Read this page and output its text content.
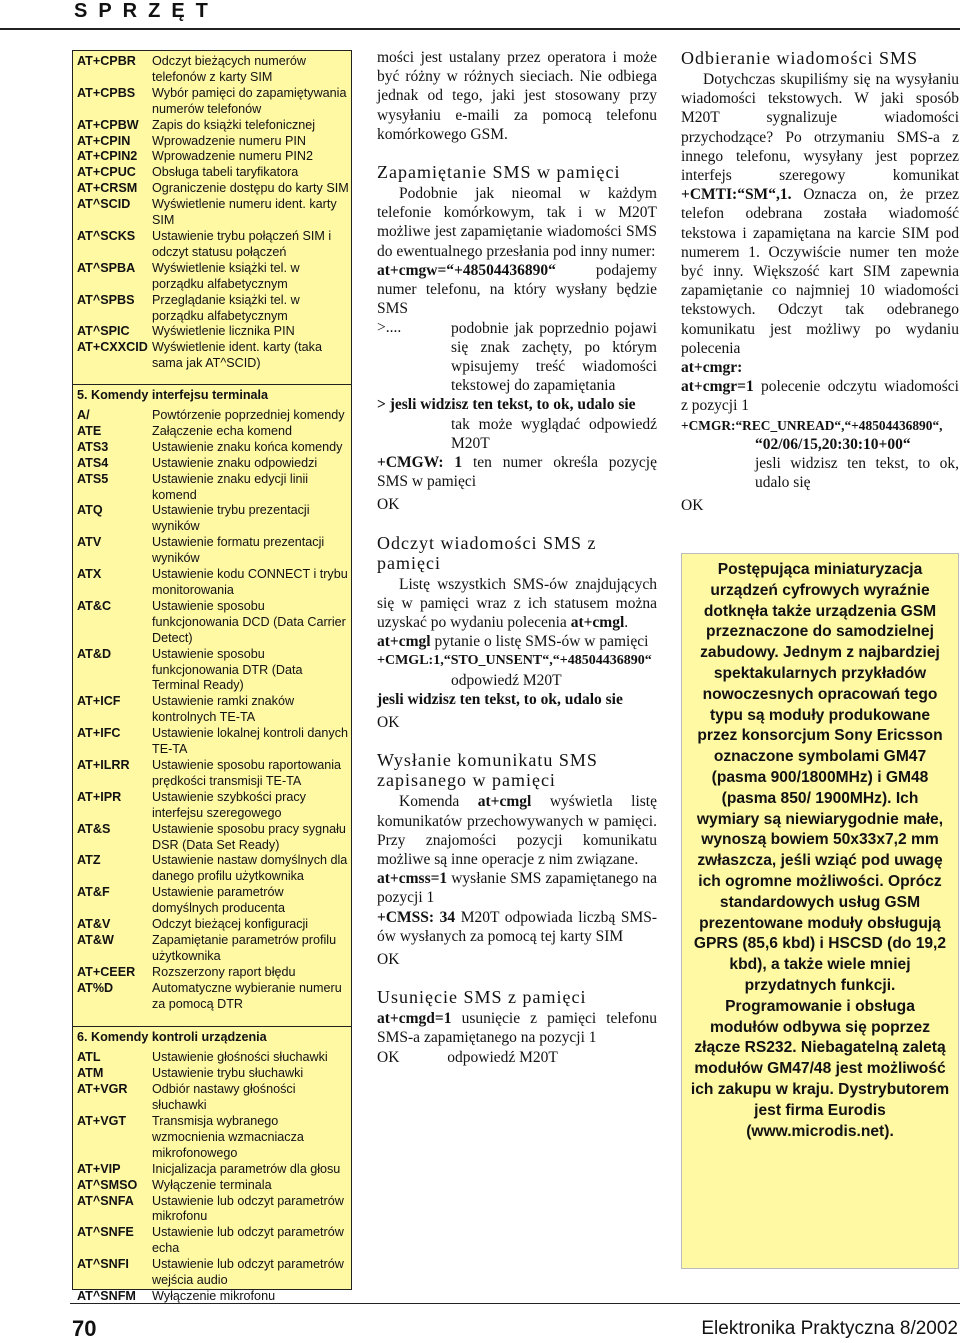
SPRZĘT
AT+CPBR	Odczyt bieżących numerów telefonów z karty SIM
AT+CPBS	Wybór pamięci do zapamiętywania numerów telefonów
AT+CPBW	Zapis do książki telefonicznej
AT+CPIN	Wprowadzenie numeru PIN
AT+CPIN2	Wprowadzenie numeru PIN2
AT+CPUC	Obsługa tabeli taryfikatora
AT+CRSM	Ograniczenie dostępu do karty SIM
AT^SCID	Wyświetlenie numeru ident. karty SIM
AT^SCKS	Ustawienie trybu połączeń SIM i odczyt statusu połączeń
AT^SPBA	Wyświetlenie książki tel. w porządku alfabetycznym
AT^SPBS	Przeglądanie książki tel. w porządku alfabetycznym
AT^SPIC	Wyświetlenie licznika PIN
AT+CXXCID Wyświetlenie ident. karty (taka sama jak AT^SCID)
5. Komendy interfejsu terminala
A/	Powtórzenie poprzedniej komendy
ATE	Załączenie echa komend
ATS3	Ustawienie znaku końca komendy
ATS4	Ustawienie znaku odpowiedzi
ATS5	Ustawienie znaku edycji linii komend
ATQ	Ustawienie trybu prezentacji wyników
ATV	Ustawienie formatu prezentacji wyników
ATX	Ustawienie kodu CONNECT i trybu monitorowania
AT&C	Ustawienie sposobu funkcjonowania DCD (Data Carrier Detect)
AT&D	Ustawienie sposobu funkcjonowania DTR (Data Terminal Ready)
AT+ICF	Ustawienie ramki znaków kontrolnych TE-TA
AT+IFC	Ustawienie lokalnej kontroli danych TE-TA
AT+ILRR	Ustawienie sposobu raportowania prędkości transmisji TE-TA
AT+IPR	Ustawienie szybkości pracy interfejsu szeregowego
AT&S	Ustawienie sposobu pracy sygnału DSR (Data Set Ready)
ATZ	Ustawienie nastaw domyślnych dla danego profilu użytkownika
AT&F	Ustawienie parametrów domyślnych producenta
AT&V	Odczyt bieżącej konfiguracji
AT&W	Zapamiętanie parametrów profilu użytkownika
AT+CEER	Rozszerzony raport błędu
AT%D	Automatyczne wybieranie numeru za pomocą DTR
6. Komendy kontroli urządzenia
ATL	Ustawienie głośności słuchawki
ATM	Ustawienie trybu słuchawki
AT+VGR	Odbiór nastawy głośności słuchawki
AT+VGT	Transmisja wybranego wzmocnienia wzmacniacza mikrofonowego
AT+VIP	Inicjalizacja parametrów dla głosu
AT^SMSO	Wyłączenie terminala
AT^SNFA	Ustawienie lub odczyt parametrów mikrofonu
AT^SNFE	Ustawienie lub odczyt parametrów echa
AT^SNFI	Ustawienie lub odczyt parametrów wejścia audio
AT^SNFM	Wyłączenie mikrofonu

mości jest ustalany przez operatora i może być różny w różnych sieciach. Nie odbiega jednak od tego, jaki jest stosowany przy wysyłaniu e-maili za pomocą telefonu komórkowego GSM.

Zapamiętanie SMS w pamięci

Podobnie jak nieomal w każdym telefonie komórkowym, tak i w M20T możliwe jest zapamiętanie wiadomości SMS do ewentualnego przesłania pod inny numer:

at+cmgw=“+48504436890“	podajemy numer telefonu, na który wysłany będzie SMS

>....	podobnie jak poprzednio pojawi się znak zachęty, po którym wpisujemy treść wiadomości tekstowej do zapamiętania

> jesli widzisz ten tekst, to ok, udalo sie

tak może wyglądać odpowiedź M20T

+CMGW: 1 ten numer określa pozycję SMS w pamięci

OK

Odczyt wiadomości SMS z pamięci

Listę wszystkich SMS-ów znajdujących się w pamięci wraz z ich statusem można uzyskać po wydaniu polecenia at+cmgl.

at+cmgl pytanie o listę SMS-ów w pamięci

+CMGL:1,“STO_UNSENT“,“+48504436890“

odpowiedź M20T

jesli widzisz ten tekst, to ok, udalo sie

OK

Wysłanie komunikatu SMS zapisanego w pamięci

Komenda at+cmgl wyświetla listę komunikatów przechowywanych w pamięci. Przy znajomości pozycji komunikatu możliwe są inne operacje z nim związane.

at+cmss=1 wysłanie SMS zapamiętanego na pozycji 1

+CMSS: 34 M20T odpowiada liczbą SMS-ów wysłanych za pomocą tej karty SIM

OK

Usunięcie SMS z pamięci

at+cmgd=1 usunięcie z pamięci telefonu SMS-a zapamiętanego na pozycji 1

OK	odpowiedź M20T

Odbieranie wiadomości SMS

Dotychczas skupiliśmy się na wysyłaniu wiadomości tekstowych. W jaki sposób M20T sygnalizuje wiadomości przychodzące? Po otrzymaniu SMS-a z innego telefonu, wysyłany jest poprzez interfejs szeregowy komunikat +CMTI:“SM“,1. Oznacza on, że przez telefon odebrana została wiadomość tekstowa i zapamiętana na karcie SIM pod numerem 1. Oczywiście numer ten może być inny. Większość kart SIM zapewnia zapamiętanie co najmniej 10 wiadomości tekstowych. Odczyt tak odebranego komunikatu jest możliwy po wydaniu polecenia

at+cmgr:

at+cmgr=1 polecenie odczytu wiadomości z pozycji 1

+CMGR:“REC_UNREAD“,“+48504436890“,

“02/06/15,20:30:10+00“

jesli widzisz ten tekst, to ok, udalo się

OK

Postępująca miniaturyzacja urządzeń cyfrowych wyraźnie dotknęła także urządzenia GSM przeznaczone do samodzielnej zabudowy. Jednym z najbardziej spektakularnych przykładów nowoczesnych opracowań tego typu są moduły produkowane przez konsorcjum Sony Ericsson oznaczone symbolami GM47 (pasma 900/1800MHz) i GM48 (pasma 850/ 1900MHz). Ich wymiary są niewiarygodnie małe, wynoszą bowiem 50x33x7,2 mm zwłaszcza, jeśli wziąć pod uwagę ich ogromne możliwości. Oprócz standardowych usług GSM prezentowane moduły obsługują GPRS (85,6 kbd) i HSCSD (do 19,2 kbd), a także wiele mniej przydatnych funkcji. Programowanie i obsługa modułów odbywa się poprzez złącze RS232. Niebagatelną zaletą modułów GM47/48 jest możliwość ich zakupu w kraju. Dystrybutorem jest firma Eurodis (www.microdis.net).
70	Elektronika Praktyczna 8/2002
